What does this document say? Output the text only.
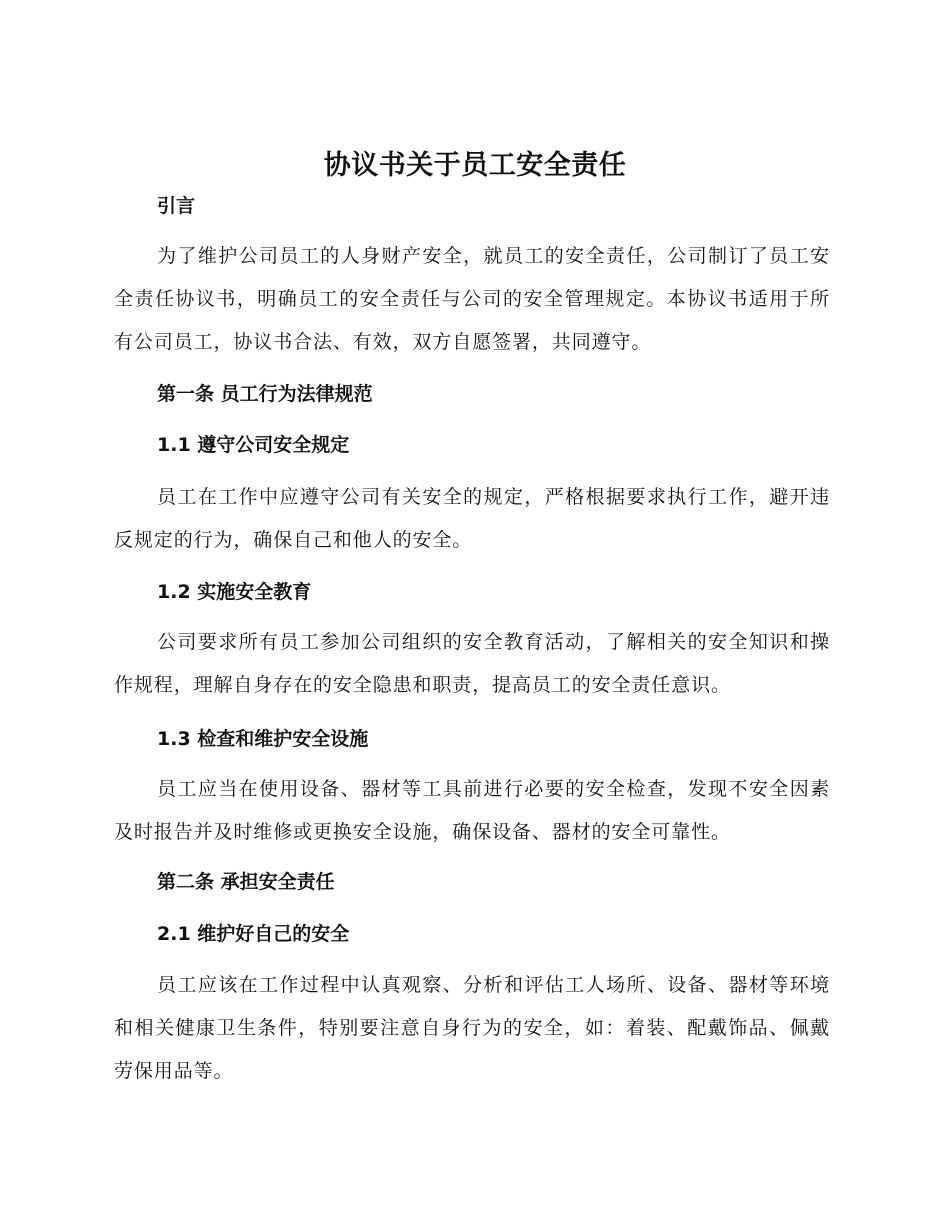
协议书关于员工安全责任
引言
为了维护公司员工的人身财产安全，就员工的安全责任，公司制订了员工安全责任协议书，明确员工的安全责任与公司的安全管理规定。本协议书适用于所有公司员工，协议书合法、有效，双方自愿签署，共同遵守。
第一条 员工行为法律规范
1.1 遵守公司安全规定
员工在工作中应遵守公司有关安全的规定，严格根据要求执行工作，避开违反规定的行为，确保自己和他人的安全。
1.2 实施安全教育
公司要求所有员工参加公司组织的安全教育活动，了解相关的安全知识和操作规程，理解自身存在的安全隐患和职责，提高员工的安全责任意识。
1.3 检查和维护安全设施
员工应当在使用设备、器材等工具前进行必要的安全检查，发现不安全因素及时报告并及时维修或更换安全设施，确保设备、器材的安全可靠性。
第二条 承担安全责任
2.1 维护好自己的安全
员工应该在工作过程中认真观察、分析和评估工人场所、设备、器材等环境和相关健康卫生条件，特别要注意自身行为的安全，如：着装、配戴饰品、佩戴劳保用品等。
